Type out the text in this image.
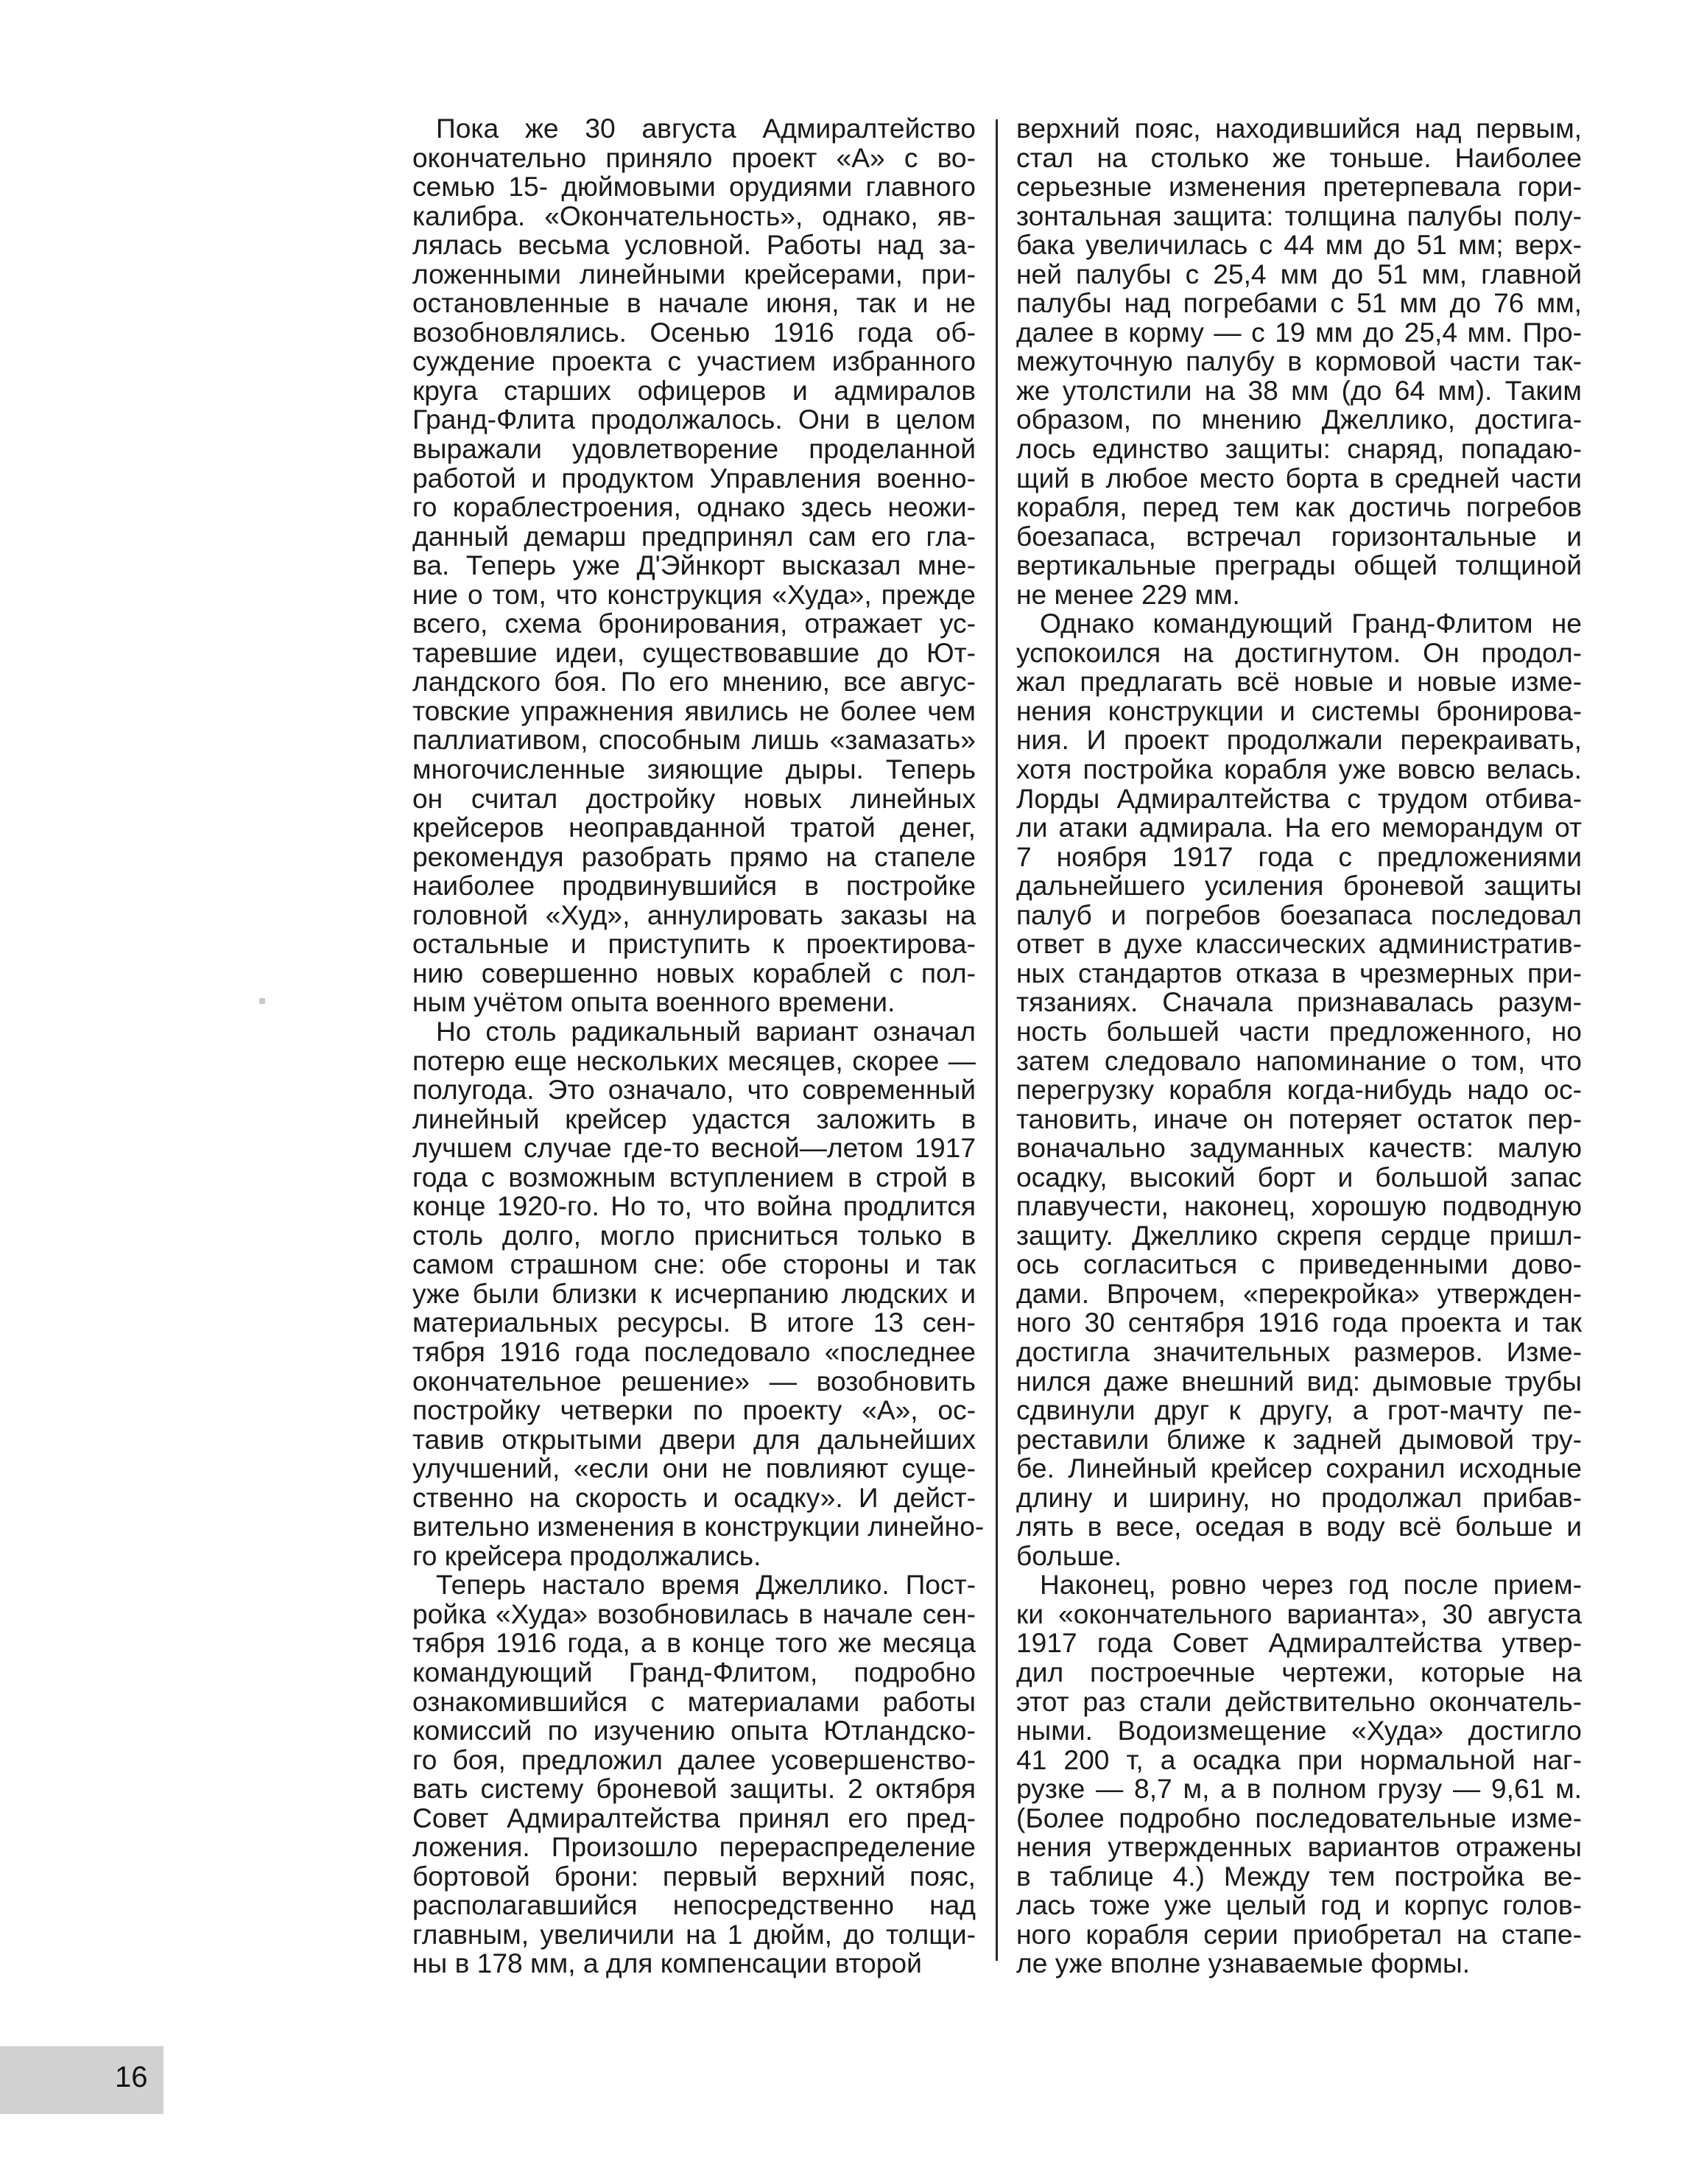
Пока же 30 августа Адмиралтейство
окончательно приняло проект «А» с во-
семью 15- дюймовыми орудиями главного
калибра. «Окончательность», однако, яв-
лялась весьма условной. Работы над за-
ложенными линейными крейсерами, при-
остановленные в начале июня, так и не
возобновлялись. Осенью 1916 года об-
суждение проекта с участием избранного
круга старших офицеров и адмиралов
Гранд-Флита продолжалось. Они в целом
выражали удовлетворение проделанной
работой и продуктом Управления военно-
го кораблестроения, однако здесь неожи-
данный демарш предпринял сам его гла-
ва. Теперь уже Д'Эйнкорт высказал мне-
ние о том, что конструкция «Худа», прежде
всего, схема бронирования, отражает ус-
таревшие идеи, существовавшие до Ют-
ландского боя. По его мнению, все авгус-
товские упражнения явились не более чем
паллиативом, способным лишь «замазать»
многочисленные зияющие дыры. Теперь
он считал достройку новых линейных
крейсеров неоправданной тратой денег,
рекомендуя разобрать прямо на стапеле
наиболее продвинувшийся в постройке
головной «Худ», аннулировать заказы на
остальные и приступить к проектирова-
нию совершенно новых кораблей с пол-
ным учётом опыта военного времени.

Но столь радикальный вариант означал
потерю еще нескольких месяцев, скорее —
полугода. Это означало, что современный
линейный крейсер удастся заложить в
лучшем случае где-то весной—летом 1917
года с возможным вступлением в строй в
конце 1920-го. Но то, что война продлится
столь долго, могло присниться только в
самом страшном сне: обе стороны и так
уже были близки к исчерпанию людских и
материальных ресурсы. В итоге 13 сен-
тября 1916 года последовало «последнее
окончательное решение» — возобновить
постройку четверки по проекту «А», ос-
тавив открытыми двери для дальнейших
улучшений, «если они не повлияют суще-
ственно на скорость и осадку». И дейст-
вительно изменения в конструкции линейно-
го крейсера продолжались.

Теперь настало время Джеллико. Пост-
ройка «Худа» возобновилась в начале сен-
тября 1916 года, а в конце того же месяца
командующий Гранд-Флитом, подробно
ознакомившийся с материалами работы
комиссий по изучению опыта Ютландско-
го боя, предложил далее усовершенство-
вать систему броневой защиты. 2 октября
Совет Адмиралтейства принял его пред-
ложения. Произошло перераспределение
бортовой брони: первый верхний пояс,
располагавшийся непосредственно над
главным, увеличили на 1 дюйм, до толщи-
ны в 178 мм, а для компенсации второй

верхний пояс, находившийся над первым,
стал на столько же тоньше. Наиболее
серьезные изменения претерпевала гори-
зонтальная защита: толщина палубы полу-
бака увеличилась с 44 мм до 51 мм; верх-
ней палубы с 25,4 мм до 51 мм, главной
палубы над погребами с 51 мм до 76 мм,
далее в корму — с 19 мм до 25,4 мм. Про-
межуточную палубу в кормовой части так-
же утолстили на 38 мм (до 64 мм). Таким
образом, по мнению Джеллико, достига-
лось единство защиты: снаряд, попадаю-
щий в любое место борта в средней части
корабля, перед тем как достичь погребов
боезапаса, встречал горизонтальные и
вертикальные преграды общей толщиной
не менее 229 мм.

Однако командующий Гранд-Флитом не
успокоился на достигнутом. Он продол-
жал предлагать всё новые и новые изме-
нения конструкции и системы бронирова-
ния. И проект продолжали перекраивать,
хотя постройка корабля уже вовсю велась.
Лорды Адмиралтейства с трудом отбива-
ли атаки адмирала. На его меморандум от
7 ноября 1917 года с предложениями
дальнейшего усиления броневой защиты
палуб и погребов боезапаса последовал
ответ в духе классических административ-
ных стандартов отказа в чрезмерных при-
тязаниях. Сначала признавалась разум-
ность большей части предложенного, но
затем следовало напоминание о том, что
перегрузку корабля когда-нибудь надо ос-
тановить, иначе он потеряет остаток пер-
воначально задуманных качеств: малую
осадку, высокий борт и большой запас
плавучести, наконец, хорошую подводную
защиту. Джеллико скрепя сердце пришл-
ось согласиться с приведенными дово-
дами. Впрочем, «перекройка» утвержден-
ного 30 сентября 1916 года проекта и так
достигла значительных размеров. Изме-
нился даже внешний вид: дымовые трубы
сдвинули друг к другу, а грот-мачту пе-
реставили ближе к задней дымовой тру-
бе. Линейный крейсер сохранил исходные
длину и ширину, но продолжал прибав-
лять в весе, оседая в воду всё больше и
больше.

Наконец, ровно через год после прием-
ки «окончательного варианта», 30 августа
1917 года Совет Адмиралтейства утвер-
дил построечные чертежи, которые на
этот раз стали действительно окончатель-
ными. Водоизмещение «Худа» достигло
41 200 т, а осадка при нормальной наг-
рузке — 8,7 м, а в полном грузу — 9,61 м.
(Более подробно последовательные изме-
нения утвержденных вариантов отражены
в таблице 4.) Между тем постройка ве-
лась тоже уже целый год и корпус голов-
ного корабля серии приобретал на стапе-
ле уже вполне узнаваемые формы.

16
